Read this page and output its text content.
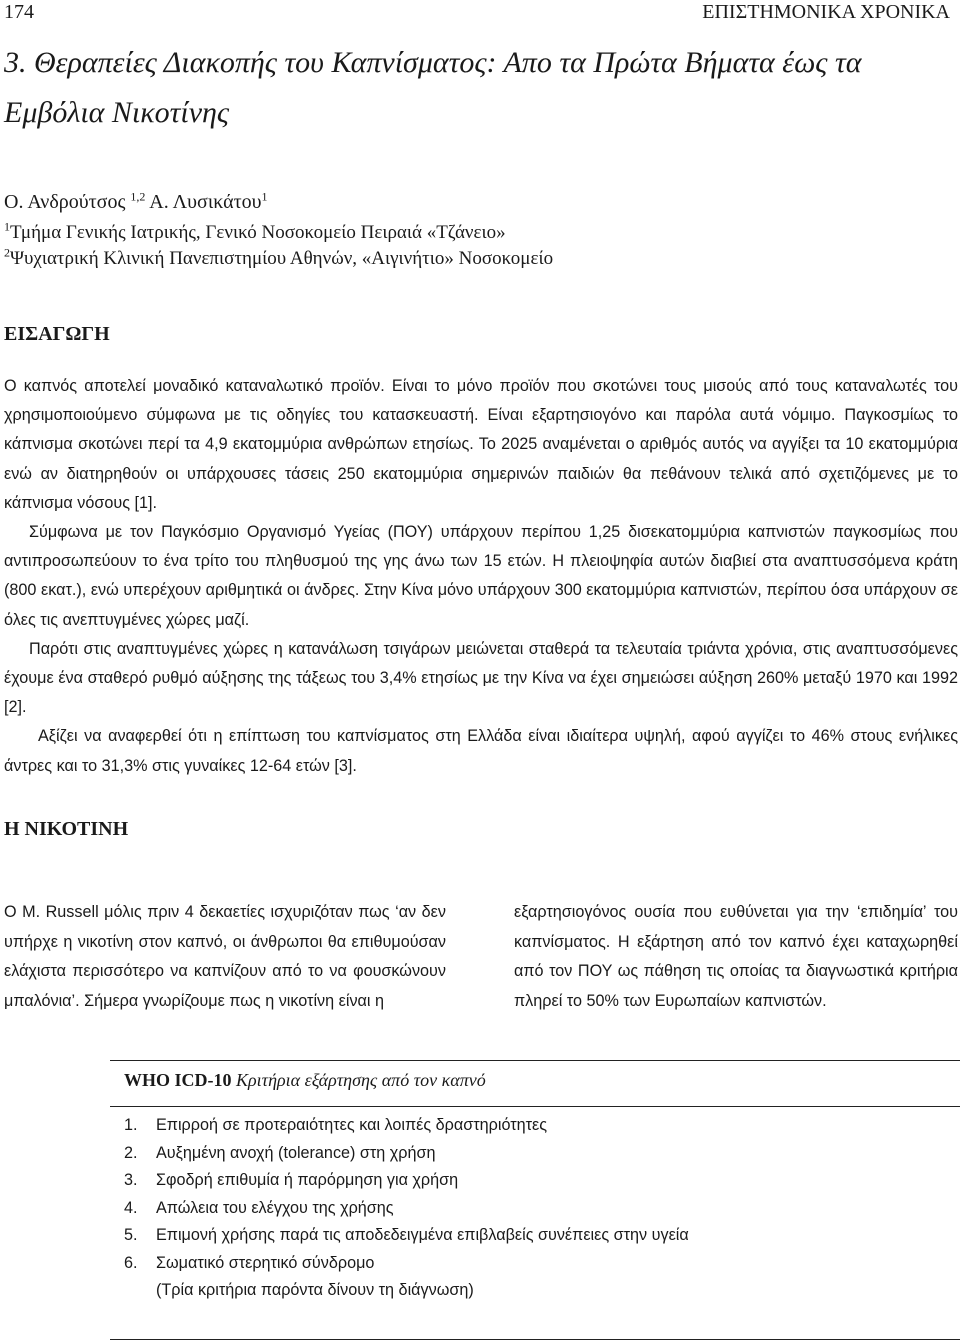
174	ΕΠΙΣΤΗΜΟΝΙΚΑ ΧΡΟΝΙΚΑ
3. Θεραπείες Διακοπής του Καπνίσματος: Απο τα Πρώτα Βήματα έως τα Εμβόλια Νικοτίνης
Ο. Ανδρούτσος $^{1,2}$ Α. Λυσικάτου$^1$
$^1$Τμήμα Γενικής Ιατρικής, Γενικό Νοσοκομείο Πειραιά «Τζάνειο»
$^2$Ψυχιατρική Κλινική Πανεπιστημίου Αθηνών, «Αιγινήτιο» Νοσοκομείο
ΕΙΣΑΓΩΓΗ

Ο καπνός αποτελεί μοναδικό καταναλωτικό προϊόν. Είναι το μόνο προϊόν που σκοτώνει τους μισούς από τους καταναλωτές του χρησιμοποιούμενο σύμφωνα με τις οδηγίες του κατασκευαστή. Είναι εξαρτησιογόνο και παρόλα αυτά νόμιμο. Παγκοσμίως το κάπνισμα σκοτώνει περί τα 4,9 εκατομμύρια ανθρώπων ετησίως. Το 2025 αναμένεται ο αριθμός αυτός να αγγίξει τα 10 εκατομμύρια ενώ αν διατηρηθούν οι υπάρχουσες τάσεις 250 εκατομμύρια σημερινών παιδιών θα πεθάνουν τελικά από σχετιζόμενες με το κάπνισμα νόσους [1].

Σύμφωνα με τον Παγκόσμιο Οργανισμό Υγείας (ΠΟΥ) υπάρχουν περίπου 1,25 δισεκατομμύρια καπνιστών παγκοσμίως που αντιπροσωπεύουν το ένα τρίτο του πληθυσμού της γης άνω των 15 ετών. Η πλειοψηφία αυτών διαβιεί στα αναπτυσσόμενα κράτη (800 εκατ.), ενώ υπερέχουν αριθμητικά οι άνδρες. Στην Κίνα μόνο υπάρχουν 300 εκατομμύρια καπνιστών, περίπου όσα υπάρχουν σε όλες τις ανεπτυγμένες χώρες μαζί.

Παρότι στις αναπτυγμένες χώρες η κατανάλωση τσιγάρων μειώνεται σταθερά τα τελευταία τριάντα χρόνια, στις αναπτυσσόμενες έχουμε ένα σταθερό ρυθμό αύξησης της τάξεως του 3,4% ετησίως με την Κίνα να έχει σημειώσει αύξηση 260% μεταξύ 1970 και 1992 [2].

Αξίζει να αναφερθεί ότι η επίπτωση του καπνίσματος στη Ελλάδα είναι ιδιαίτερα υψηλή, αφού αγγίζει το 46% στους ενήλικες άντρες και το 31,3% στις γυναίκες 12-64 ετών [3].

Η ΝΙΚΟΤΙΝΗ
Ο Μ. Russell μόλις πριν 4 δεκαετίες ισχυριζόταν πως ‘αν δεν υπήρχε η νικοτίνη στον καπνό, οι άνθρωποι θα επιθυμούσαν ελάχιστα περισσότερο να καπνίζουν από το να φουσκώνουν μπαλόνια’. Σήμερα γνωρίζουμε πως η νικοτίνη είναι η
εξαρτησιογόνος ουσία που ευθύνεται για την ‘επιδημία’ του καπνίσματος. Η εξάρτηση από τον καπνό έχει καταχωρηθεί από τον ΠΟΥ ως πάθηση τις οποίας τα διαγνωστικά κριτήρια πληρεί το 50% των Ευρωπαίων καπνιστών.
WHO ICD-10 Κριτήρια εξάρτησης από τον καπνό
1. Επιρροή σε προτεραιότητες και λοιπές δραστηριότητες
2. Αυξημένη ανοχή (tolerance) στη χρήση
3. Σφοδρή επιθυμία ή παρόρμηση για χρήση
4. Απώλεια του ελέγχου της χρήσης
5. Επιμονή χρήσης παρά τις αποδεδειγμένα επιβλαβείς συνέπειες στην υγεία
6. Σωματικό στερητικό σύνδρομο
(Τρία κριτήρια παρόντα δίνουν τη διάγνωση)
